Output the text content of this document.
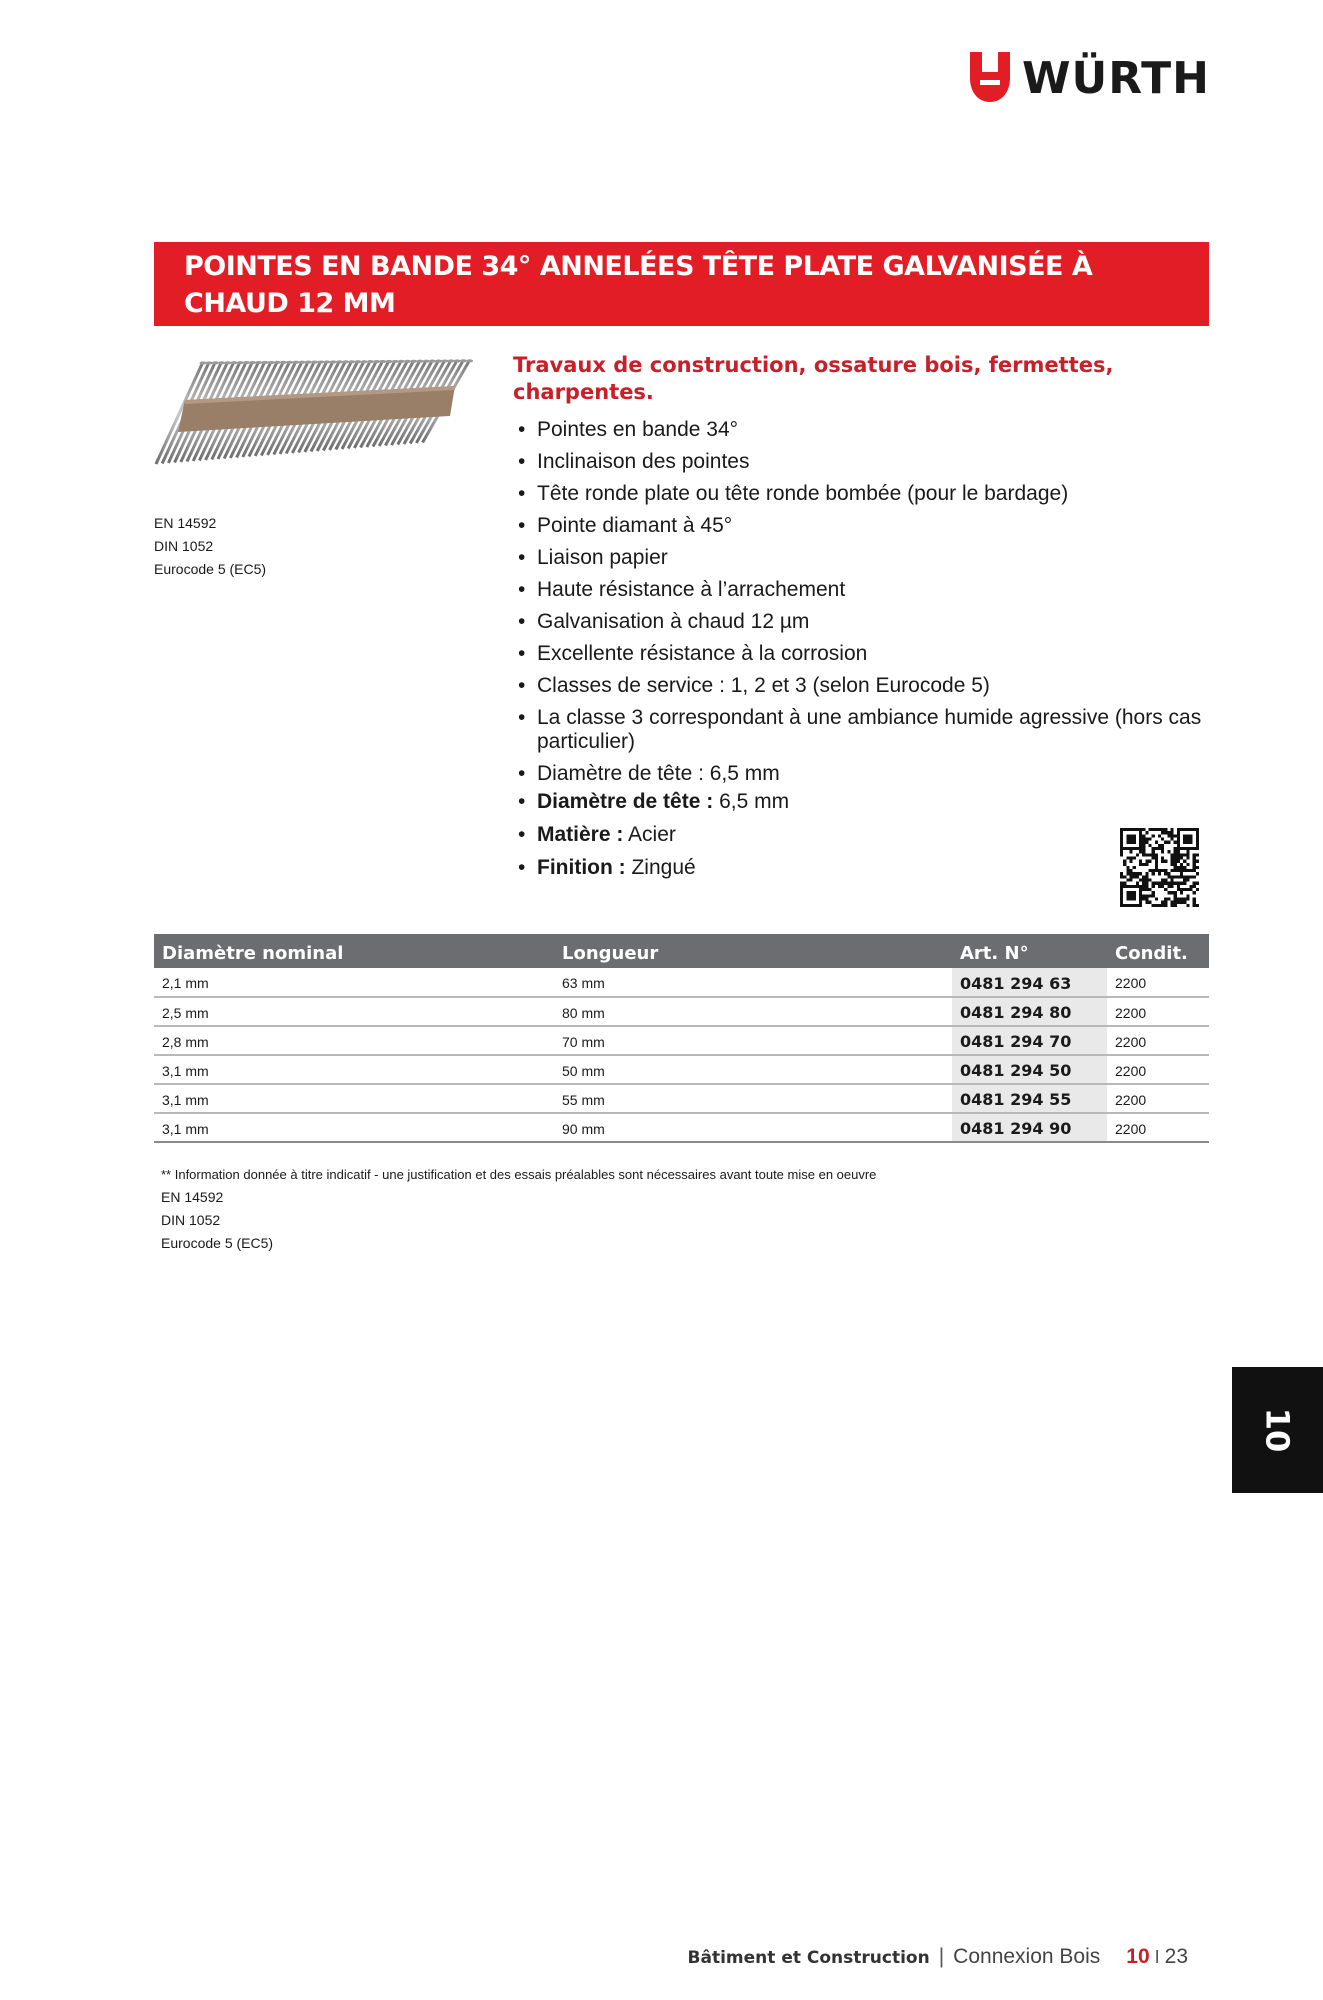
WÜRTH
POINTES EN BANDE 34° ANNELÉES TÊTE PLATE GALVANISÉE À CHAUD 12 MM
LIAISON PAPIER
EN 14592
DIN 1052
Eurocode 5 (EC5)
Travaux de construction, ossature bois, fermettes, charpentes.
• Pointes en bande 34°
• Inclinaison des pointes
• Tête ronde plate ou tête ronde bombée (pour le bardage)
• Pointe diamant à 45°
• Liaison papier
• Haute résistance à l’arrachement
• Galvanisation à chaud 12 µm
• Excellente résistance à la corrosion
• Classes de service : 1, 2 et 3 (selon Eurocode 5)
• La classe 3 correspondant à une ambiance humide agressive (hors cas particulier)
• Diamètre de tête : 6,5 mm
• Diamètre de tête : 6,5 mm
• Matière : Acier
• Finition : Zingué
Diamètre nominal	Longueur	Art. N°	Condit.
2,1 mm	63 mm	0481 294 63	2200
2,5 mm	80 mm	0481 294 80	2200
2,8 mm	70 mm	0481 294 70	2200
3,1 mm	50 mm	0481 294 50	2200
3,1 mm	55 mm	0481 294 55	2200
3,1 mm	90 mm	0481 294 90	2200
** Information donnée à titre indicatif - une justification et des essais préalables sont nécessaires avant toute mise en oeuvre
EN 14592
DIN 1052
Eurocode 5 (EC5)
10
Bâtiment et Construction | Connexion Bois 10 I 23
